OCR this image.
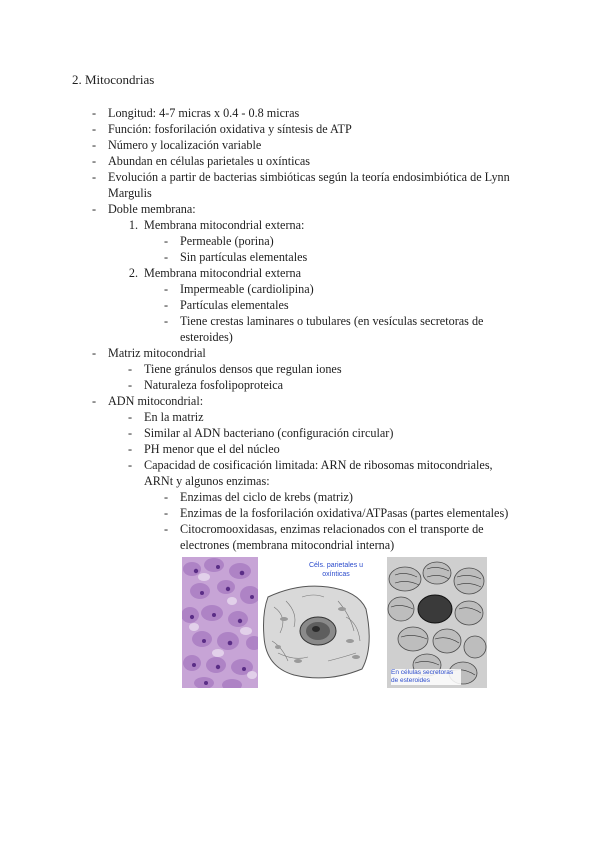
2. Mitocondrias
- Longitud: 4-7 micras x 0.4 - 0.8 micras
- Función: fosforilación oxidativa y síntesis de ATP
- Número y localización variable
- Abundan en células parietales u oxínticas
- Evolución a partir de bacterias simbióticas según la teoría endosimbiótica de Lynn Margulis
- Doble membrana:
1. Membrana mitocondrial externa:
- Permeable (porina)
- Sin partículas elementales
2. Membrana mitocondrial externa
- Impermeable (cardiolipina)
- Partículas elementales
- Tiene crestas laminares o tubulares (en vesículas secretoras de esteroides)
- Matriz mitocondrial
- Tiene gránulos densos que regulan iones
- Naturaleza fosfolipoproteica
- ADN mitocondrial:
- En la matriz
- Similar al ADN bacteriano (configuración circular)
- PH menor que el del núcleo
- Capacidad de cosificación limitada: ARN de ribosomas mitocondriales, ARNt y algunos enzimas:
- Enzimas del ciclo de krebs (matriz)
- Enzimas de la fosforilación oxidativa/ATPasas (partes elementales)
- Citocromooxidasas, enzimas relacionados con el transporte de electrones (membrana mitocondrial interna)
Céls. parietales u oxínticas
En células secretoras de esteroides
